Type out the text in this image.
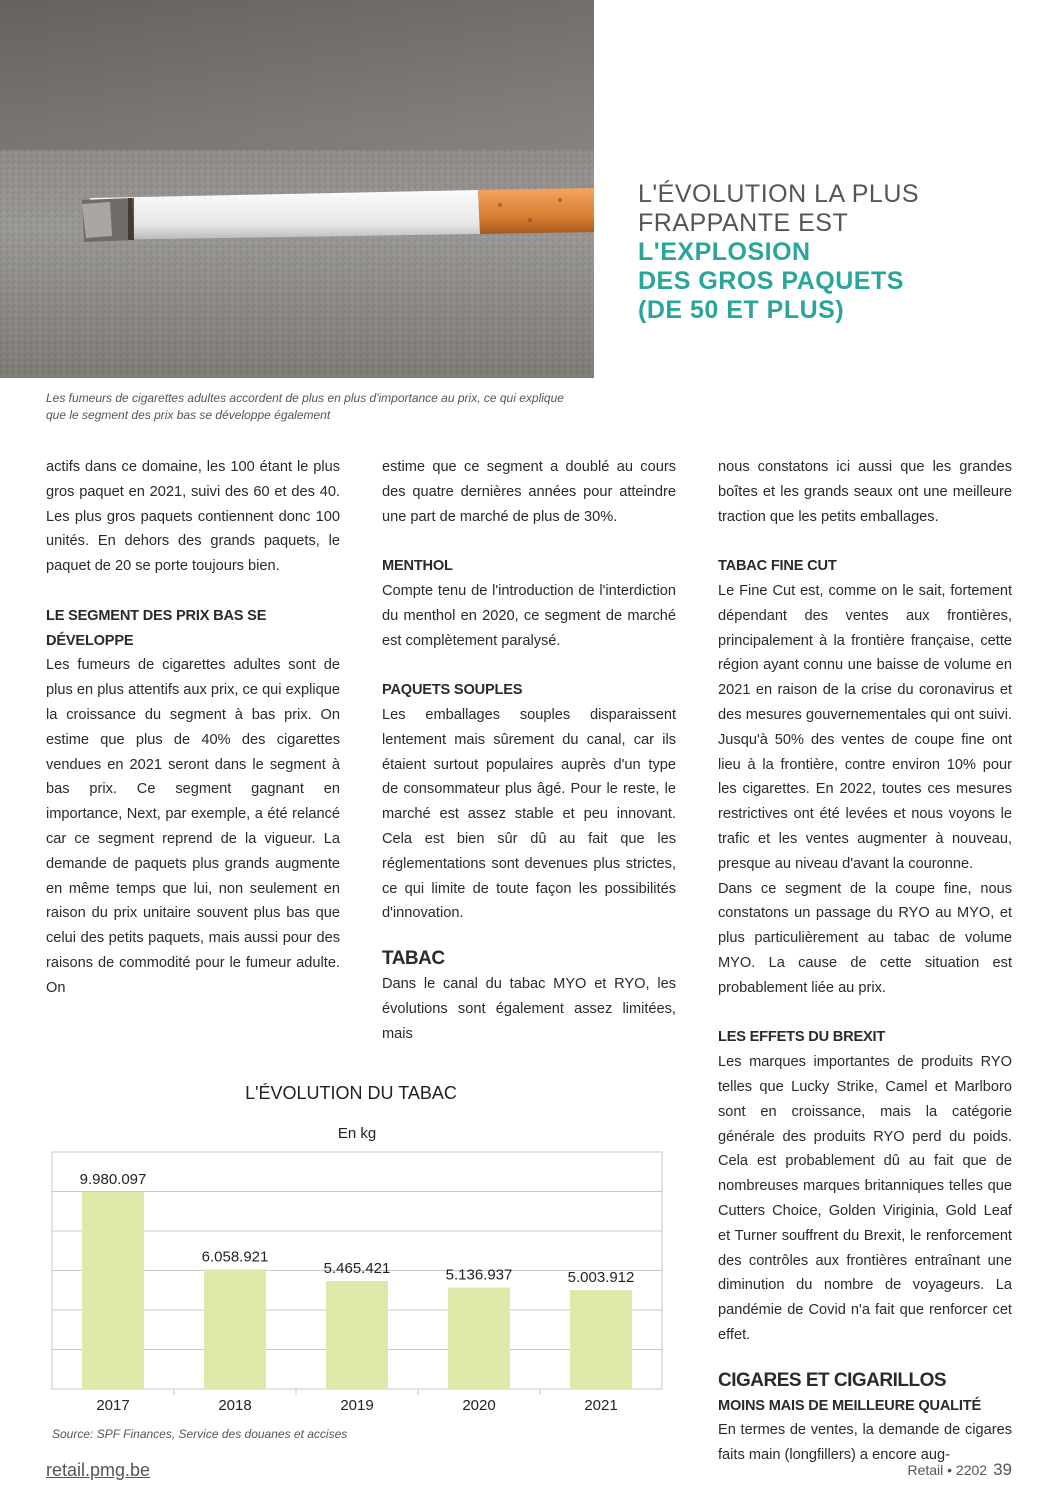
L'ÉVOLUTION LA PLUS
FRAPPANTE EST
L'EXPLOSION
DES GROS PAQUETS
(DE 50 ET PLUS)
Les fumeurs de cigarettes adultes accordent de plus en plus d'importance au prix, ce qui explique que le segment des prix bas se développe également

actifs dans ce domaine, les 100 étant le plus gros paquet en 2021, suivi des 60 et des 40. Les plus gros paquets contiennent donc 100 unités. En dehors des grands paquets, le paquet de 20 se porte toujours bien.

LE SEGMENT DES PRIX BAS SE
DÉVELOPPE

Les fumeurs de cigarettes adultes sont de plus en plus attentifs aux prix, ce qui explique la croissance du segment à bas prix. On estime que plus de 40% des cigarettes vendues en 2021 seront dans le segment à bas prix. Ce segment gagnant en importance, Next, par exemple, a été relancé car ce segment reprend de la vigueur. La demande de paquets plus grands augmente en même temps que lui, non seulement en raison du prix unitaire souvent plus bas que celui des petits paquets, mais aussi pour des raisons de commodité pour le fumeur adulte. On

estime que ce segment a doublé au cours des quatre dernières années pour atteindre une part de marché de plus de 30%.

MENTHOL

Compte tenu de l'introduction de l'interdiction du menthol en 2020, ce segment de marché est complètement paralysé.

PAQUETS SOUPLES

Les emballages souples disparaissent lentement mais sûrement du canal, car ils étaient surtout populaires auprès d'un type de consommateur plus âgé. Pour le reste, le marché est assez stable et peu innovant. Cela est bien sûr dû au fait que les réglementations sont devenues plus strictes, ce qui limite de toute façon les possibilités d'innovation.

TABAC

Dans le canal du tabac MYO et RYO, les évolutions sont également assez limitées, mais

nous constatons ici aussi que les grandes boîtes et les grands seaux ont une meilleure traction que les petits emballages.

TABAC FINE CUT

Le Fine Cut est, comme on le sait, fortement dépendant des ventes aux frontières, principalement à la frontière française, cette région ayant connu une baisse de volume en 2021 en raison de la crise du coronavirus et des mesures gouvernementales qui ont suivi. Jusqu'à 50% des ventes de coupe fine ont lieu à la frontière, contre environ 10% pour les cigarettes. En 2022, toutes ces mesures restrictives ont été levées et nous voyons le trafic et les ventes augmenter à nouveau, presque au niveau d'avant la couronne.

Dans ce segment de la coupe fine, nous constatons un passage du RYO au MYO, et plus particulièrement au tabac de volume MYO. La cause de cette situation est probablement liée au prix.

LES EFFETS DU BREXIT

Les marques importantes de produits RYO telles que Lucky Strike, Camel et Marlboro sont en croissance, mais la catégorie générale des produits RYO perd du poids. Cela est probablement dû au fait que de nombreuses marques britanniques telles que Cutters Choice, Golden Viriginia, Gold Leaf et Turner souffrent du Brexit, le renforcement des contrôles aux frontières entraînant une diminution du nombre de voyageurs. La pandémie de Covid n'a fait que renforcer cet effet.

CIGARES ET CIGARILLOS
MOINS MAIS DE MEILLEURE QUALITÉ

En termes de ventes, la demande de cigares faits main (longfillers) a encore aug-

L'ÉVOLUTION DU TABAC
En kg
9.980.097
6.058.921
5.465.421	5.136.937	5.003.912
2017	2018	2019	2020	2021
Source: SPF Finances, Service des douanes et accises
retail.pmg.be	Retail • 2202 39
